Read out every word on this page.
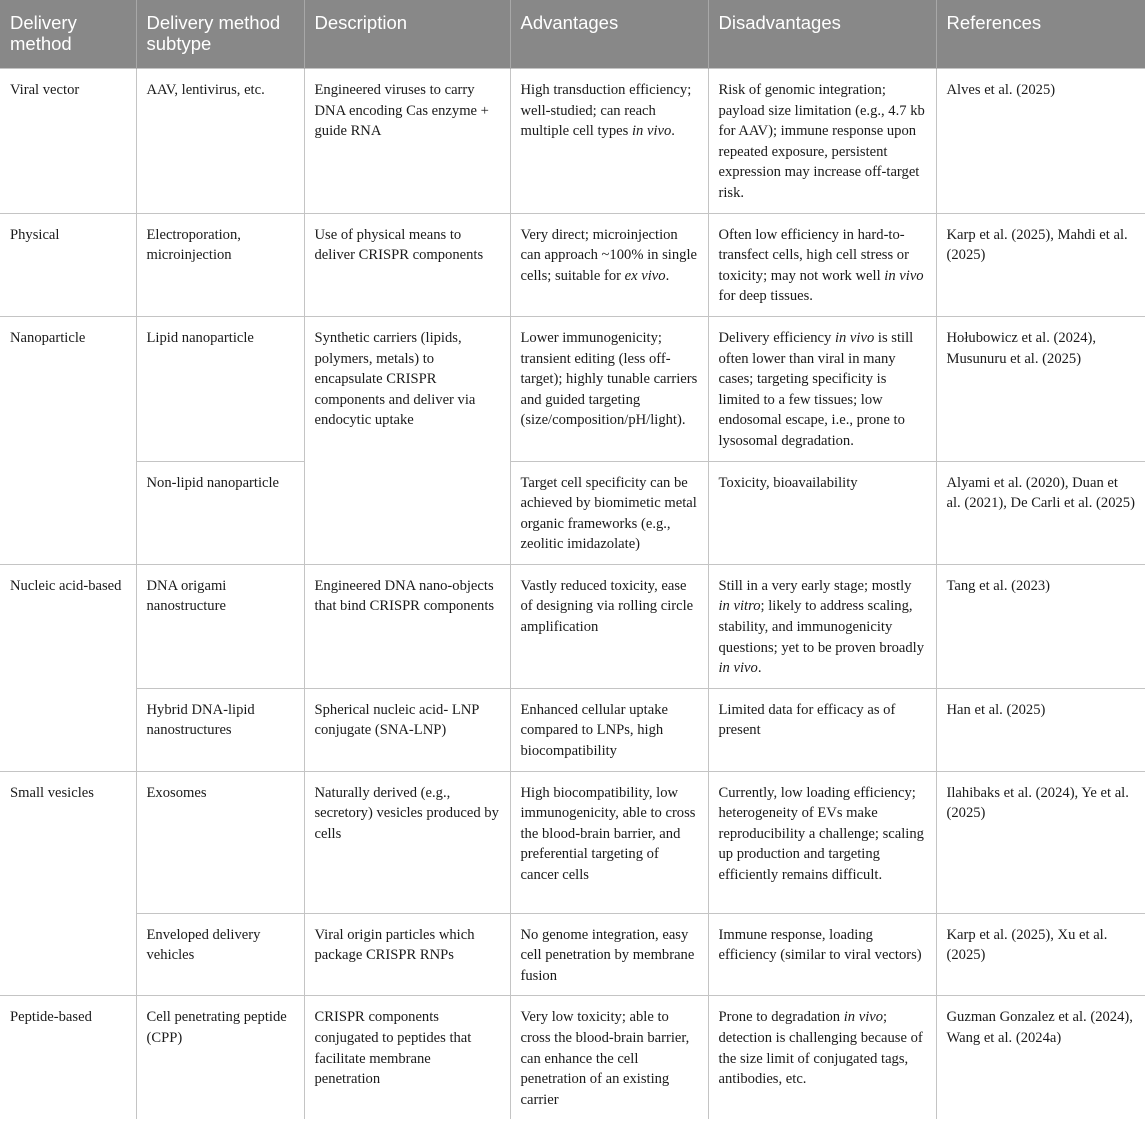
Delivery method	Delivery method subtype	Description	Advantages	Disadvantages	References
Viral vector	AAV, lentivirus, etc.	Engineered viruses to carry DNA encoding Cas enzyme + guide RNA	High transduction efficiency; well-studied; can reach multiple cell types in vivo.	Risk of genomic integration; payload size limitation (e.g., 4.7 kb for AAV); immune response upon repeated exposure, persistent expression may increase off-target risk.	Alves et al. (2025)
Physical	Electroporation, microinjection	Use of physical means to deliver CRISPR components	Very direct; microinjection can approach ~100% in single cells; suitable for ex vivo.	Often low efficiency in hard-to-transfect cells, high cell stress or toxicity; may not work well in vivo for deep tissues.	Karp et al. (2025), Mahdi et al. (2025)
Nanoparticle	Lipid nanoparticle	Synthetic carriers (lipids, polymers, metals) to encapsulate CRISPR components and deliver via endocytic uptake	Lower immunogenicity; transient editing (less off-target); highly tunable carriers and guided targeting (size/composition/pH/light).	Delivery efficiency in vivo is still often lower than viral in many cases; targeting specificity is limited to a few tissues; low endosomal escape, i.e., prone to lysosomal degradation.	Hołubowicz et al. (2024), Musunuru et al. (2025)
	Non-lipid nanoparticle		Target cell specificity can be achieved by biomimetic metal organic frameworks (e.g., zeolitic imidazolate)	Toxicity, bioavailability	Alyami et al. (2020), Duan et al. (2021), De Carli et al. (2025)
Nucleic acid-based	DNA origami nanostructure	Engineered DNA nano-objects that bind CRISPR components	Vastly reduced toxicity, ease of designing via rolling circle amplification	Still in a very early stage; mostly in vitro; likely to address scaling, stability, and immunogenicity questions; yet to be proven broadly in vivo.	Tang et al. (2023)
	Hybrid DNA-lipid nanostructures	Spherical nucleic acid- LNP conjugate (SNA-LNP)	Enhanced cellular uptake compared to LNPs, high biocompatibility	Limited data for efficacy as of present	Han et al. (2025)
Small vesicles	Exosomes	Naturally derived (e.g., secretory) vesicles produced by cells	High biocompatibility, low immunogenicity, able to cross the blood-brain barrier, and preferential targeting of cancer cells	Currently, low loading efficiency; heterogeneity of EVs make reproducibility a challenge; scaling up production and targeting efficiently remains difficult.	Ilahibaks et al. (2024), Ye et al. (2025)
	Enveloped delivery vehicles	Viral origin particles which package CRISPR RNPs	No genome integration, easy cell penetration by membrane fusion	Immune response, loading efficiency (similar to viral vectors)	Karp et al. (2025), Xu et al. (2025)
Peptide-based	Cell penetrating peptide (CPP)	CRISPR components conjugated to peptides that facilitate membrane penetration	Very low toxicity; able to cross the blood-brain barrier, can enhance the cell penetration of an existing carrier	Prone to degradation in vivo; detection is challenging because of the size limit of conjugated tags, antibodies, etc.	Guzman Gonzalez et al. (2024), Wang et al. (2024a)
